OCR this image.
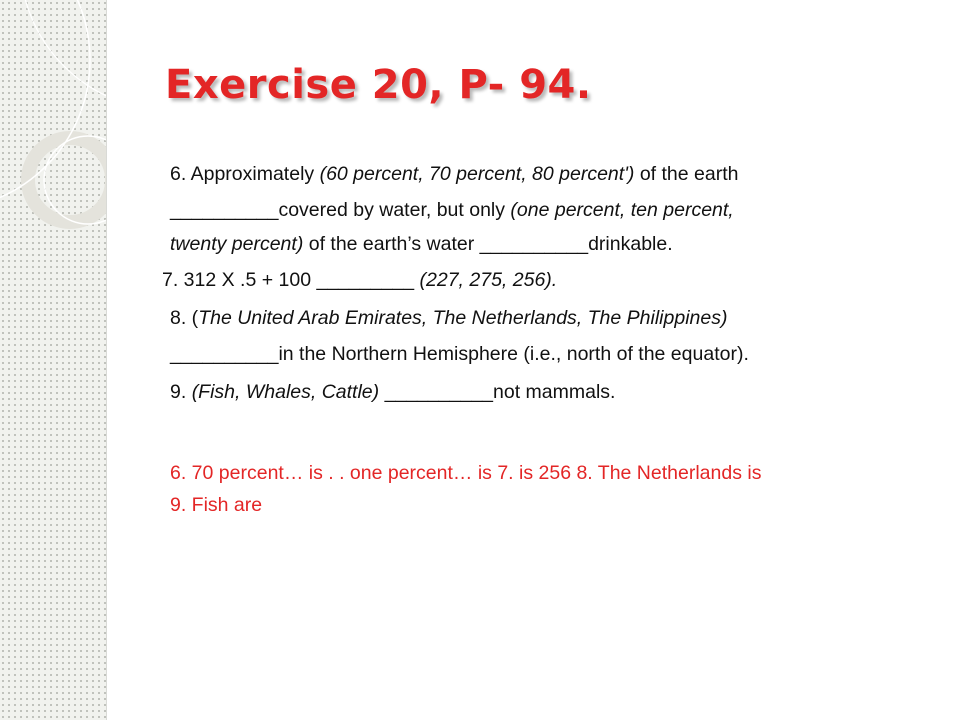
Exercise 20, P- 94.

6. Approximately (60 percent, 70 percent, 80 percent') of the earth

__________covered by water, but only (one percent, ten percent,

twenty percent) of the earth’s water __________drinkable.

7. 312 X .5 + 100 _________ (227, 275, 256).

8. (The United Arab Emirates, The Netherlands, The Philippines)

__________in the Northern Hemisphere (i.e., north of the equator).

9. (Fish, Whales, Cattle) __________not mammals.

6. 70 percent… is . . one percent… is 7. is 256 8. The Netherlands is

9. Fish are
